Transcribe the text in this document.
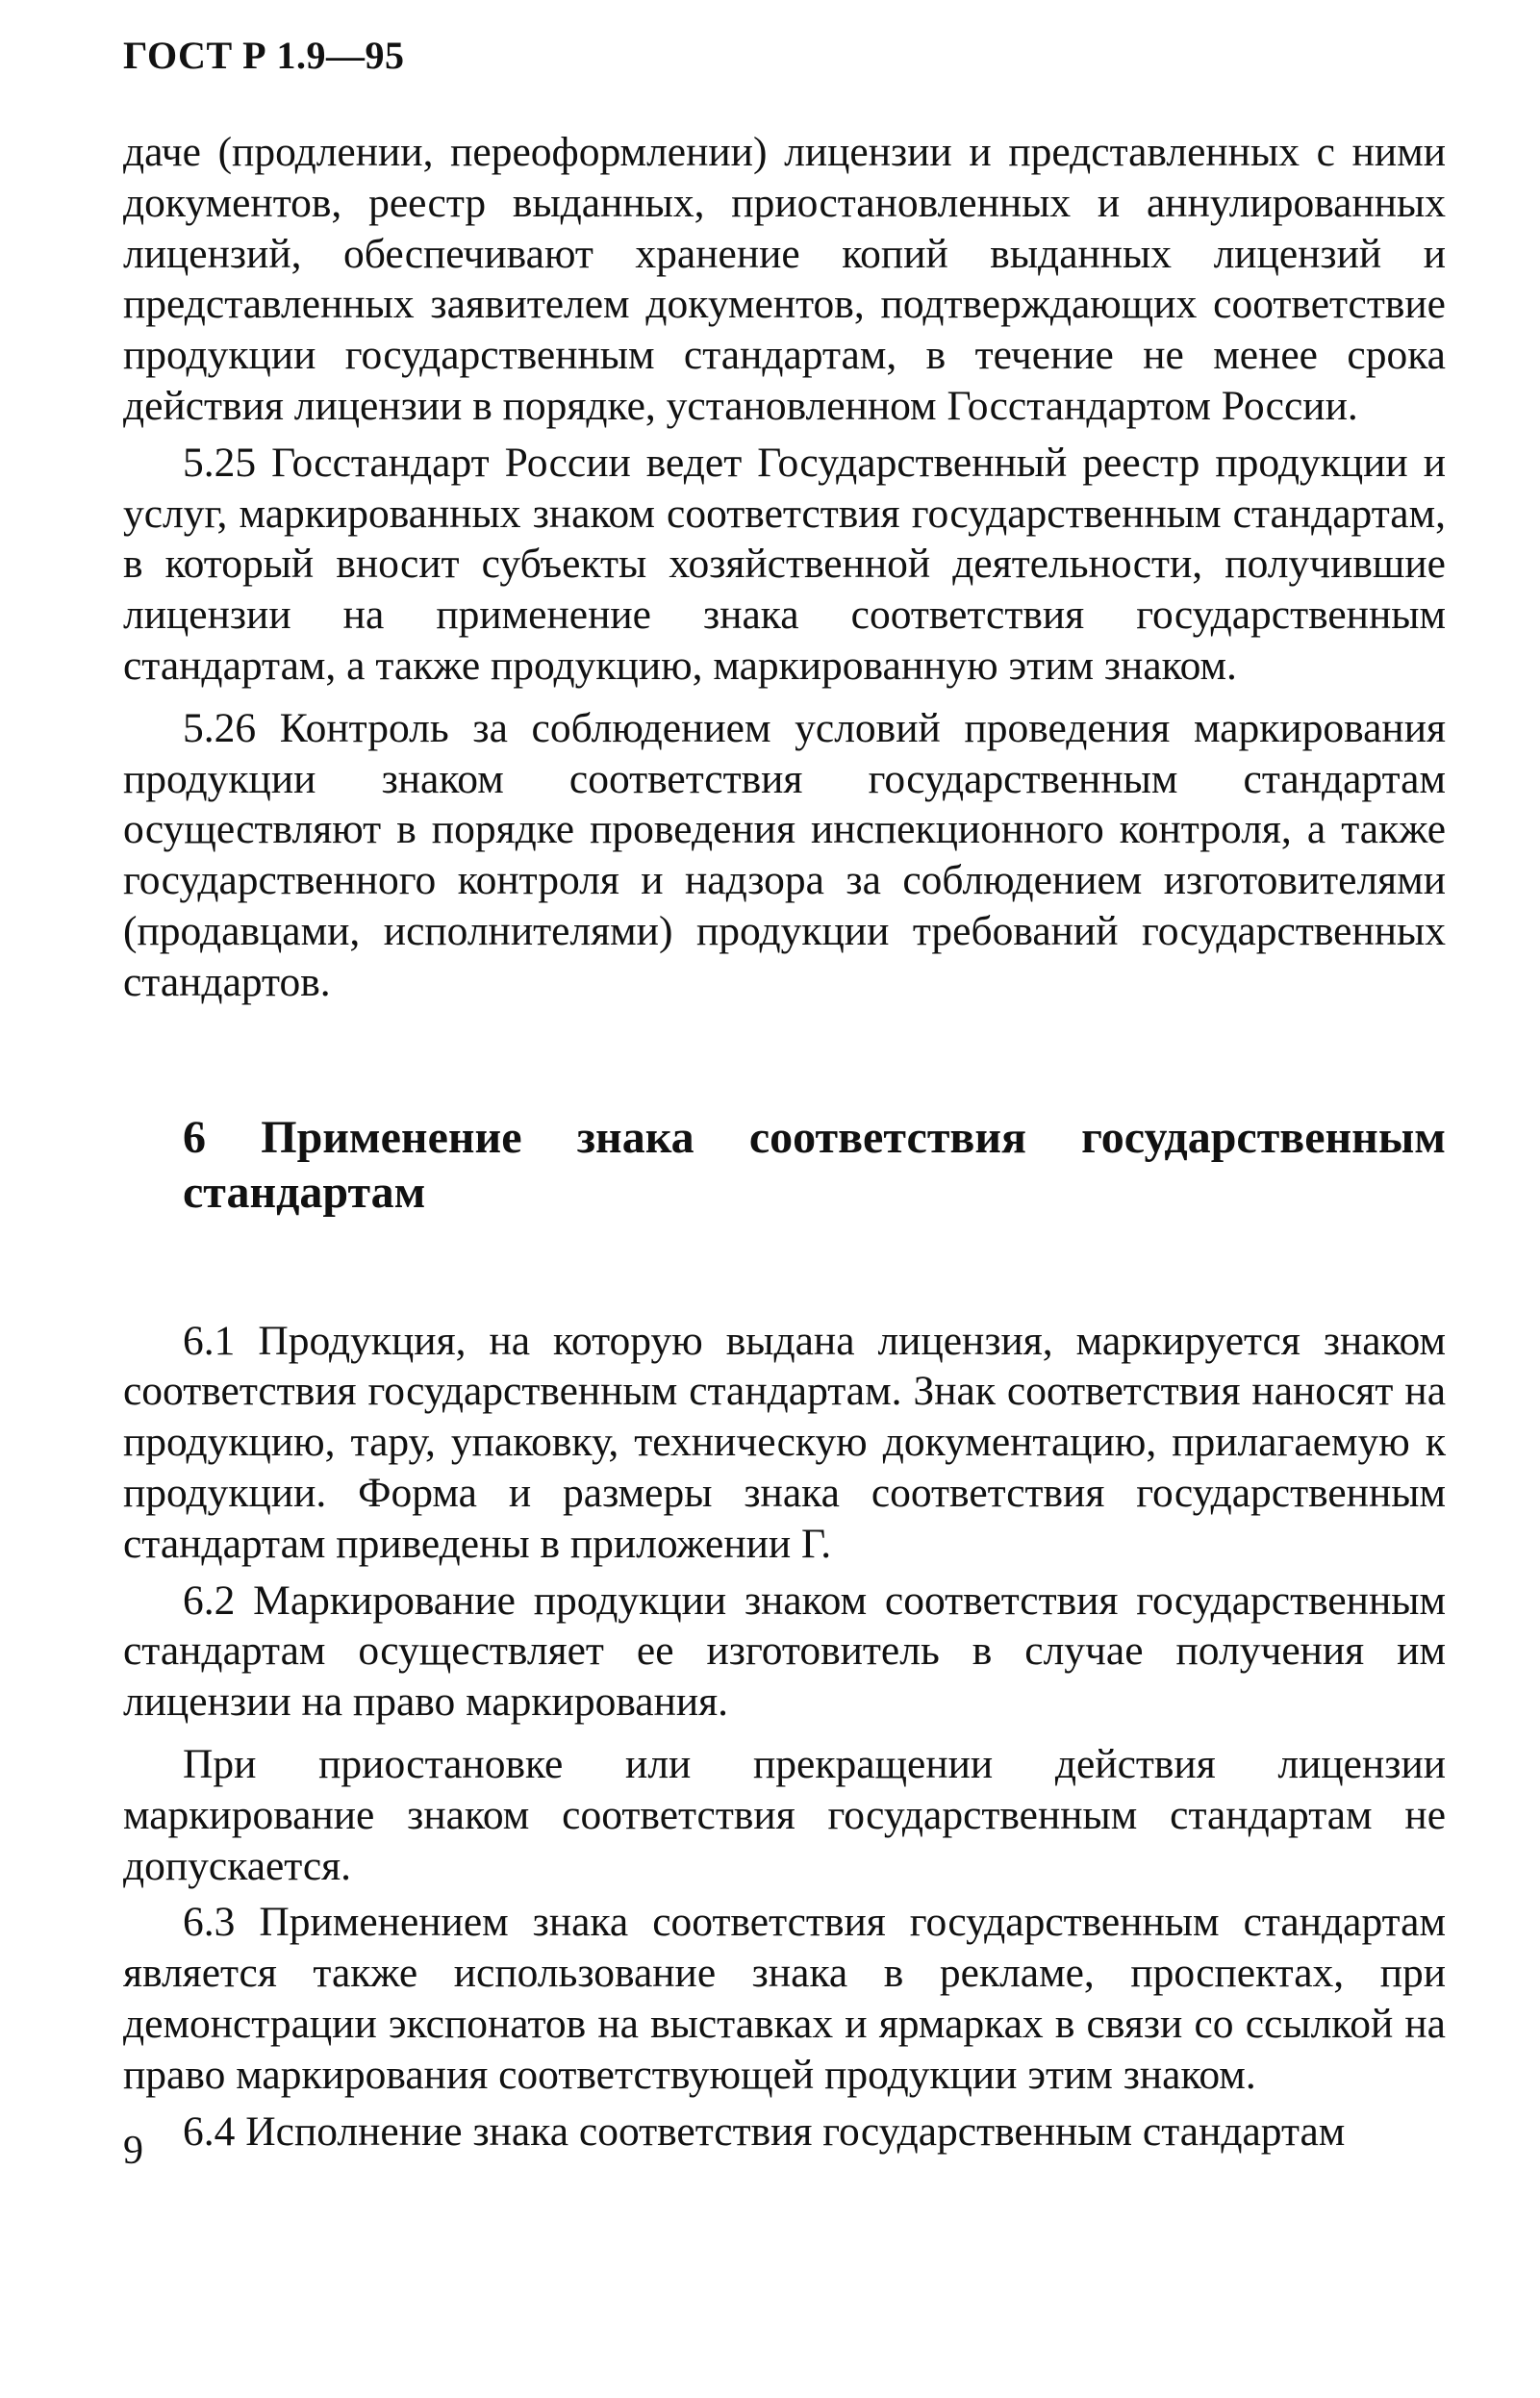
ГОСТ Р 1.9—95

даче (продлении, переоформлении) лицензии и представленных с ними документов, реестр выданных, приостановленных и аннулированных лицензий, обеспечивают хранение копий выданных лицензий и представленных заявителем документов, подтверждающих соответствие продукции государственным стандартам, в течение не менее срока действия лицензии в порядке, установленном Госстандартом России.

5.25 Госстандарт России ведет Государственный реестр продукции и услуг, маркированных знаком соответствия государственным стандартам, в который вносит субъекты хозяйственной деятельности, получившие лицензии на применение знака соответствия государственным стандартам, а также продукцию, маркированную этим знаком.

5.26 Контроль за соблюдением условий проведения маркирования продукции знаком соответствия государственным стандартам осуществляют в порядке проведения инспекционного контроля, а также государственного контроля и надзора за соблюдением изготовителями (продавцами, исполнителями) продукции требований государственных стандартов.

6 Применение знака соответствия государственным стандартам

6.1 Продукция, на которую выдана лицензия, маркируется знаком соответствия государственным стандартам. Знак соответствия наносят на продукцию, тару, упаковку, техническую документацию, прилагаемую к продукции. Форма и размеры знака соответствия государственным стандартам приведены в приложении Г.

6.2 Маркирование продукции знаком соответствия государственным стандартам осуществляет ее изготовитель в случае получения им лицензии на право маркирования.

При приостановке или прекращении действия лицензии маркирование знаком соответствия государственным стандартам не допускается.

6.3 Применением знака соответствия государственным стандартам является также использование знака в рекламе, проспектах, при демонстрации экспонатов на выставках и ярмарках в связи со ссылкой на право маркирования соответствующей продукции этим знаком.

6.4 Исполнение знака соответствия государственным стандартам

9
